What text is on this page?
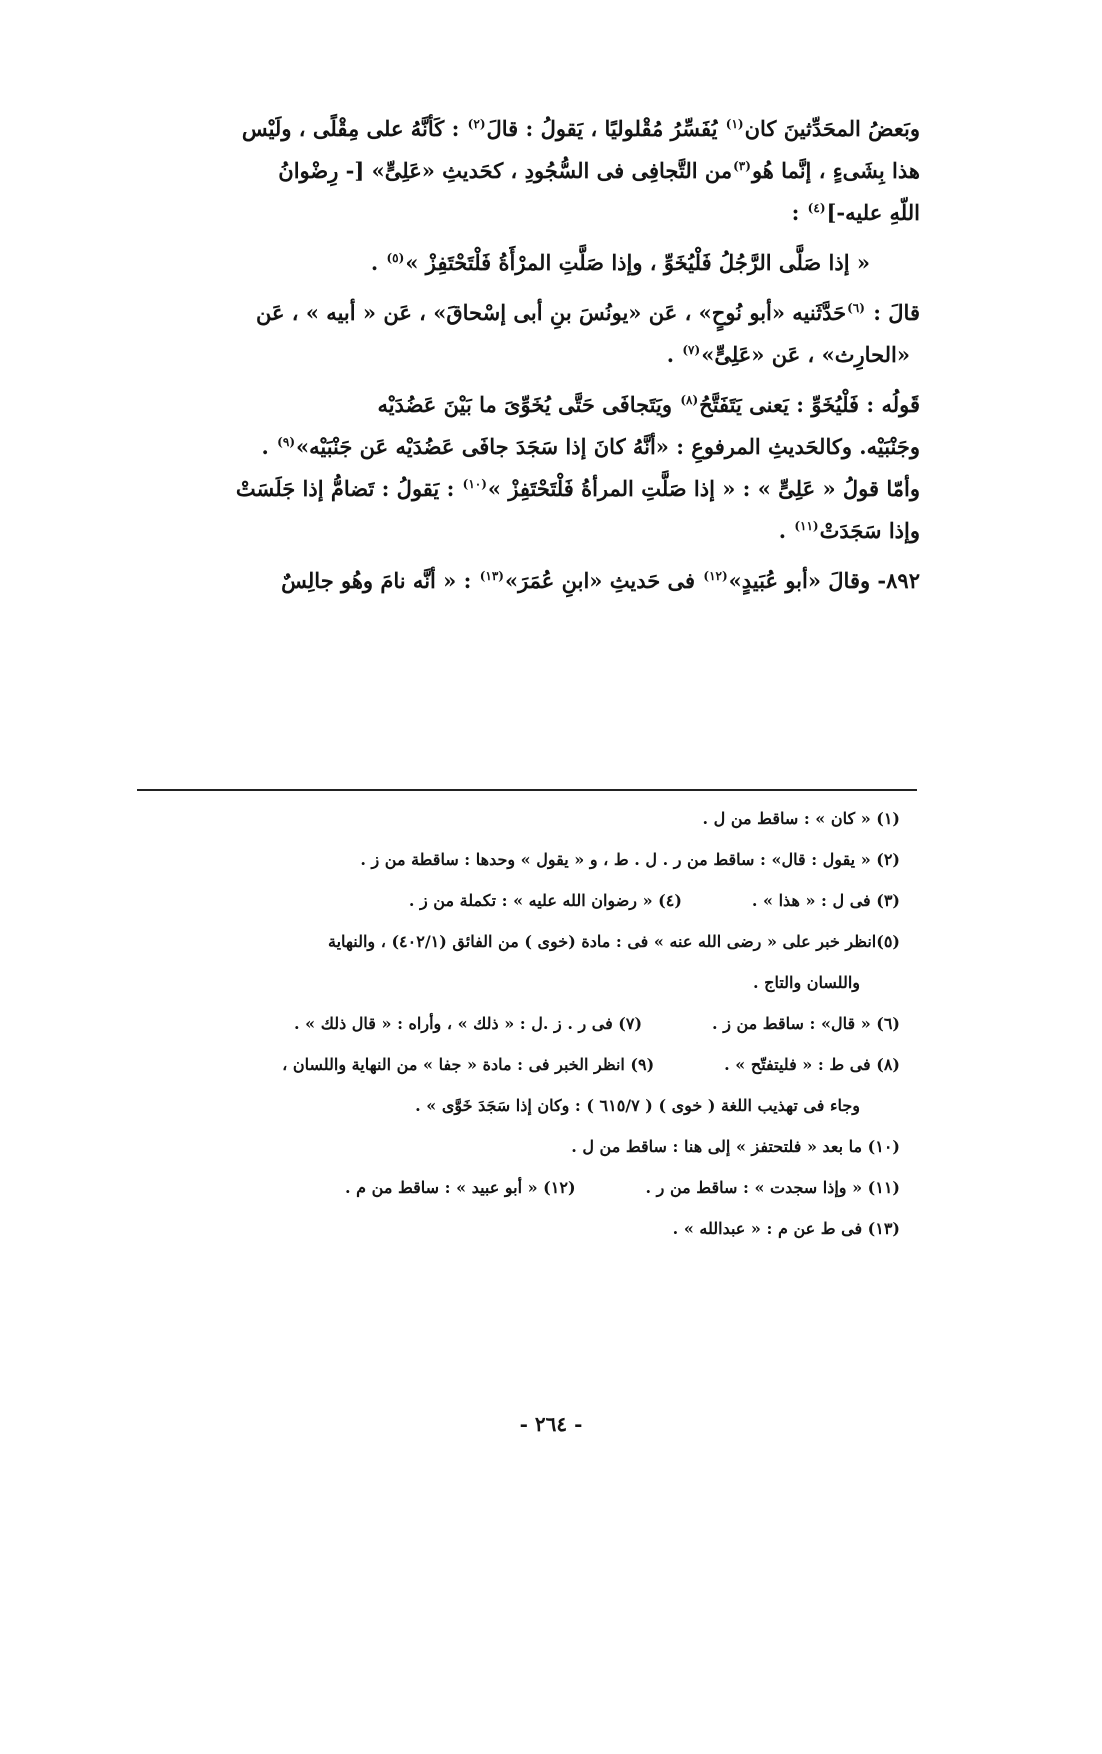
وبَعضُ المحَدِّثينَ كان$^{(١)}$ يُفَسِّرُ مُقْلوليًا ، يَقولُ : قالَ$^{(٢)}$ : كَأنَّهُ على مِقْلًى ، ولَيْس

هذا بِشَىءٍ ، إنَّما هُو$^{(٣)}$من التَّجافِى فى السُّجُودِ ، كحَديثِ «عَلِىٍّ» [- رِضْوانُ

اللّهِ عليه-]$^{(٤)}$ :

« إذا صَلَّى الرَّجُلُ فَلْيُخَوِّ ، وإذا صَلَّتِ المرْأَةُ فَلْتَحْتَفِزْ »$^{(٥)}$ .

قالَ : $^{(٦)}$حَدَّثَنيه «أبو نُوحٍ» ، عَن «يونُسَ بنِ أبى إسْحاقَ» ، عَن « أبيه » ، عَن

«الحارِث» ، عَن «عَلِىٍّ»$^{(٧)}$ .

قَولُه : فَلْيُخَوِّ : يَعنى يَتَفَتَّحُ$^{(٨)}$ ويَتَجافَى حَتَّى يُخَوِّىَ ما بَيْنَ عَضُدَيْه

وجَنْبَيْه. وكالحَديثِ المرفوعِ : «أنَّهُ كانَ إذا سَجَدَ جافَى عَضُدَيْه عَن جَنْبَيْه»$^{(٩)}$ .

وأمّا قولُ « عَلِىٍّ » : « إذا صَلَّتِ المرأةُ فَلْتَحْتَفِزْ »$^{(١٠)}$ : يَقولُ : تَضامُّ إذا جَلَسَتْ

وإذا سَجَدَتْ$^{(١١)}$ .

٨٩٢- وقالَ «أبو عُبَيدٍ»$^{(١٢)}$ فى حَديثِ «ابنِ عُمَرَ»$^{(١٣)}$ : « أنَّه نامَ وهُو جالِسٌ

(١) « كان » : ساقط من ل .
(٢) « يقول : قال» : ساقط من ر . ل . ط ، و « يقول » وحدها : ساقطة من ز .
(٣) فى ل : « هذا » .(٤) « رضوان الله عليه » : تكملة من ز .
(٥)انظر خبر على « رضى الله عنه » فى : مادة (خوى ) من الفائق (٤٠٢/١) ، والنهاية
واللسان والتاج .
(٦) « قال» : ساقط من ز .(٧) فى ر . ز .ل : « ذلك » ، وأراه : « قال ذلك » .
(٨) فى ط : « فليتفتّح » .(٩) انظر الخبر فى : مادة « جفا » من النهاية واللسان ،
وجاء فى تهذيب اللغة ( خوى ) ( ٦١٥/٧ ) : وكان إذا سَجَدَ خَوَّى » .
(١٠) ما بعد « فلتحتفز » إلى هنا : ساقط من ل .
(١١) « وإذا سجدت » : ساقط من ر .(١٢) « أبو عبيد » : ساقط من م .
(١٣) فى ط عن م : « عبدالله » .
- ٢٦٤ -
